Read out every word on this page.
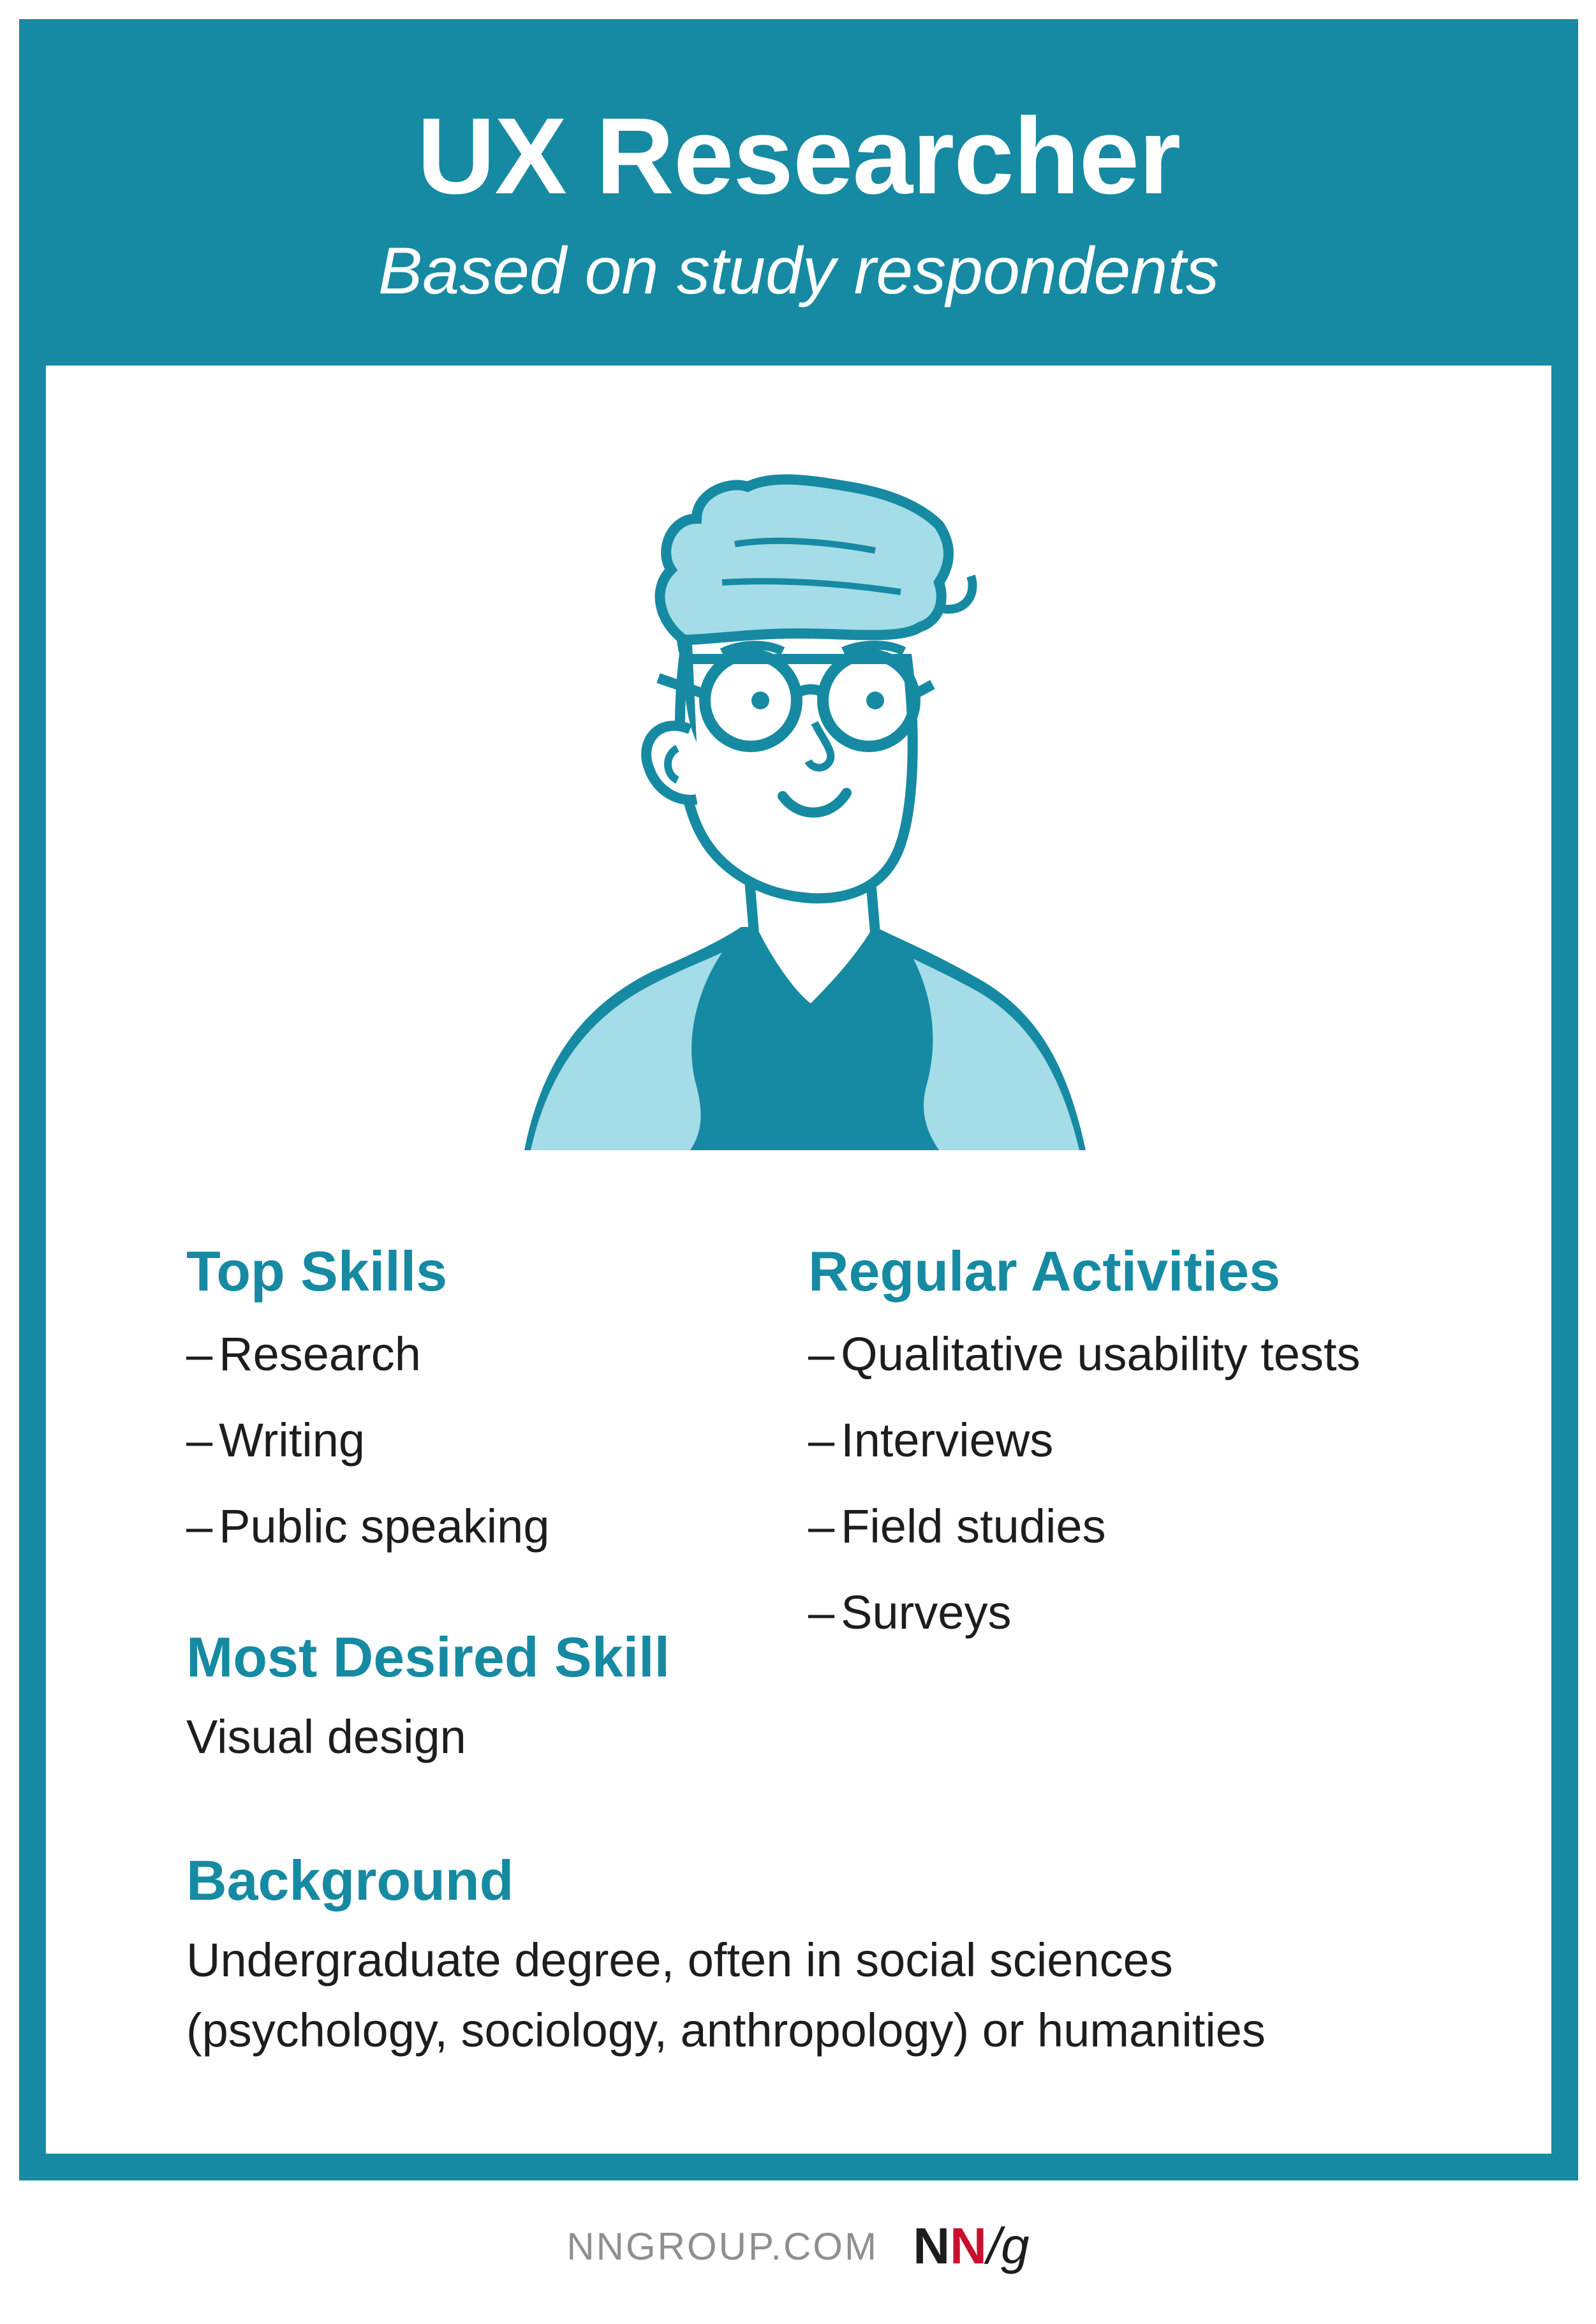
UX Researcher
Based on study respondents
Top Skills
– Research
– Writing
– Public speaking
Regular Activities
– Qualitative usability tests
– Interviews
– Field studies
– Surveys
Most Desired Skill
Visual design
Background
Undergraduate degree, often in social sciences
(psychology, sociology, anthropology) or humanities
NNGROUP.COM NN/g
